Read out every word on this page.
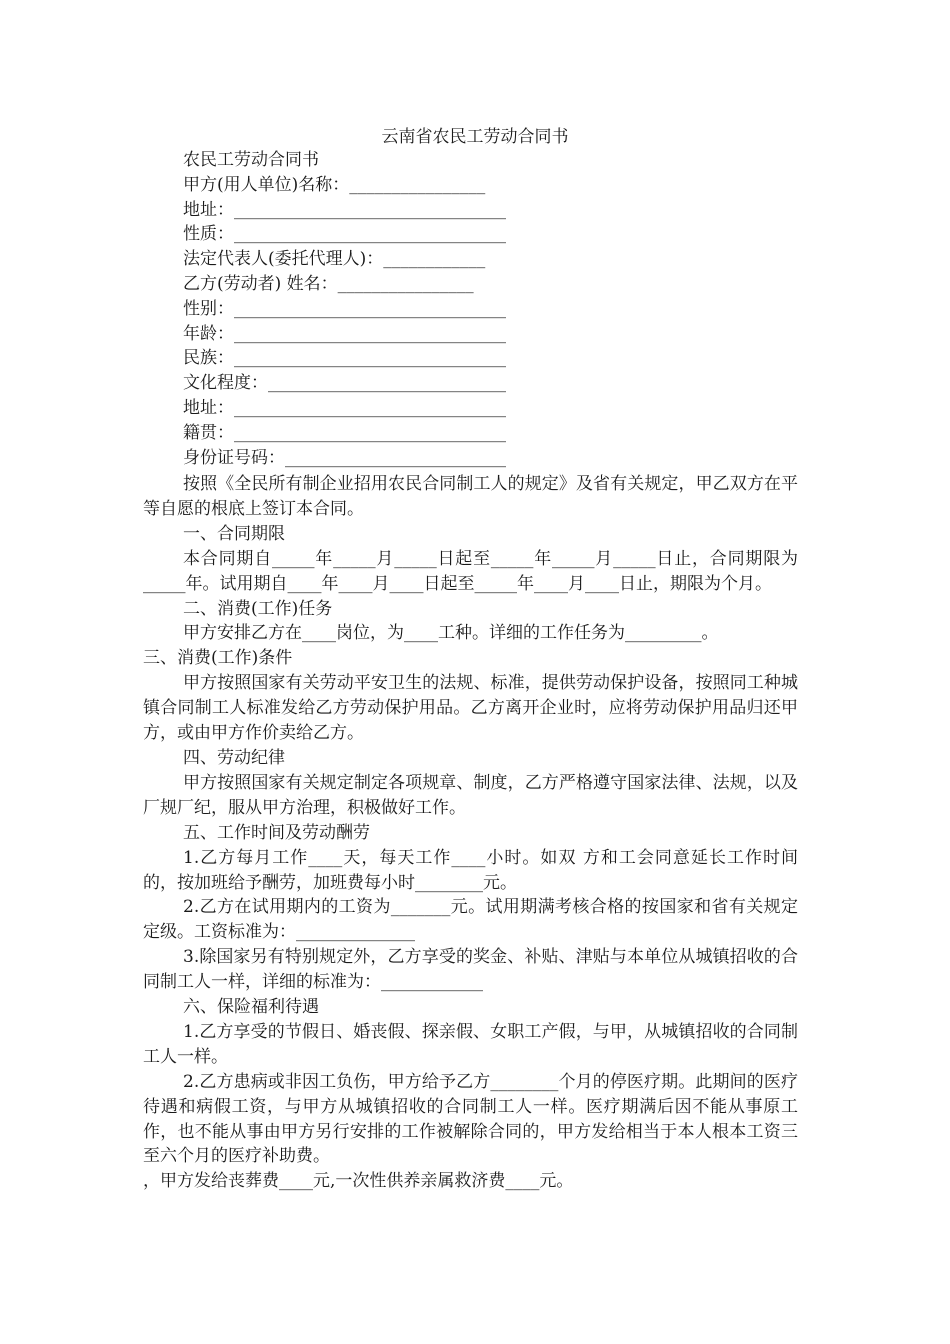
云南省农民工劳动合同书
农民工劳动合同书
甲方(用人单位)名称：________________
地址：________________________________
性质：________________________________
法定代表人(委托代理人)：____________
乙方(劳动者) 姓名：________________
性别：________________________________
年龄：________________________________
民族：________________________________
文化程度：____________________________
地址：________________________________
籍贯：________________________________
身份证号码：__________________________

按照《全民所有制企业招用农民合同制工人的规定》及省有关规定，甲乙双方在平等自愿的根底上签订本合同。

一、合同期限

本合同期自_____年_____月_____日起至_____年_____月_____日止，合同期限为_____年。试用期自____年____月____日起至_____年____月____日止，期限为个月。

二、消费(工作)任务

甲方安排乙方在____岗位，为____工种。详细的工作任务为_________。

三、消费(工作)条件

甲方按照国家有关劳动平安卫生的法规、标准，提供劳动保护设备，按照同工种城镇合同制工人标准发给乙方劳动保护用品。乙方离开企业时，应将劳动保护用品归还甲方，或由甲方作价卖给乙方。

四、劳动纪律

甲方按照国家有关规定制定各项规章、制度，乙方严格遵守国家法律、法规，以及厂规厂纪，服从甲方治理，积极做好工作。

五、工作时间及劳动酬劳

1.乙方每月工作____天，每天工作____小时。如双 方和工会同意延长工作时间的，按加班给予酬劳，加班费每小时________元。

2.乙方在试用期内的工资为_______元。试用期满考核合格的按国家和省有关规定定级。工资标准为：______________

3.除国家另有特别规定外，乙方享受的奖金、补贴、津贴与本单位从城镇招收的合同制工人一样，详细的标准为：____________

六、保险福利待遇

1.乙方享受的节假日、婚丧假、探亲假、女职工产假，与甲，从城镇招收的合同制工人一样。

2.乙方患病或非因工负伤，甲方给予乙方________个月的停医疗期。此期间的医疗待遇和病假工资，与甲方从城镇招收的合同制工人一样。医疗期满后因不能从事原工作，也不能从事由甲方另行安排的工作被解除合同的，甲方发给相当于本人根本工资三至六个月的医疗补助费。

，甲方发给丧葬费____元,一次性供养亲属救济费____元。
